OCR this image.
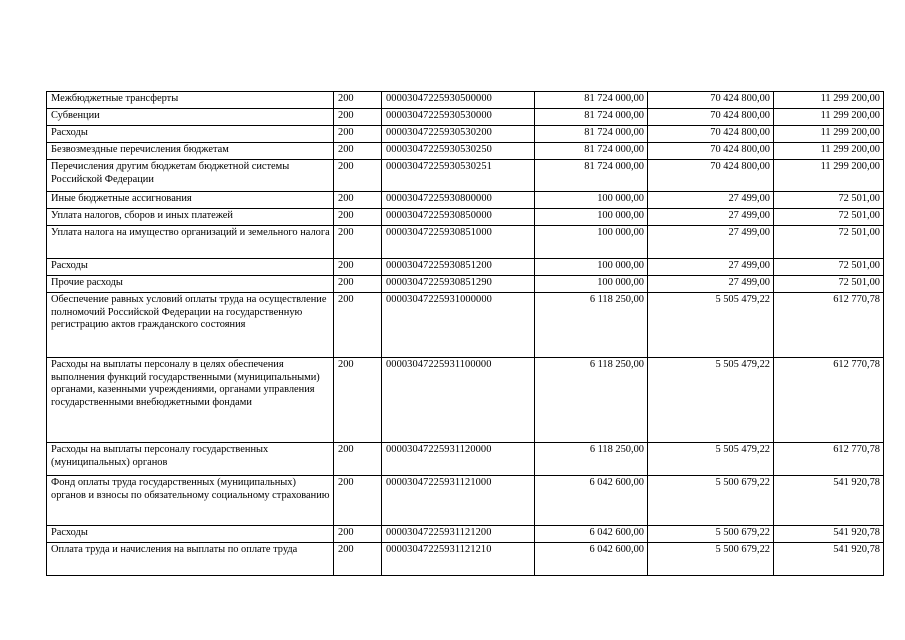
Межбюджетные трансферты	200	00003047225930500000	81 724 000,00	70 424 800,00	11 299 200,00
Субвенции	200	00003047225930530000	81 724 000,00	70 424 800,00	11 299 200,00
Расходы	200	00003047225930530200	81 724 000,00	70 424 800,00	11 299 200,00
Безвозмездные перечисления бюджетам	200	00003047225930530250	81 724 000,00	70 424 800,00	11 299 200,00
Перечисления другим бюджетам бюджетной системы Российской Федерации	200	00003047225930530251	81 724 000,00	70 424 800,00	11 299 200,00
Иные бюджетные ассигнования	200	00003047225930800000	100 000,00	27 499,00	72 501,00
Уплата налогов, сборов и иных платежей	200	00003047225930850000	100 000,00	27 499,00	72 501,00
Уплата налога на имущество организаций и земельного налога	200	00003047225930851000	100 000,00	27 499,00	72 501,00
Расходы	200	00003047225930851200	100 000,00	27 499,00	72 501,00
Прочие расходы	200	00003047225930851290	100 000,00	27 499,00	72 501,00
Обеспечение равных условий оплаты труда на осуществление полномочий Российской Федерации на государственную регистрацию актов гражданского состояния	200	00003047225931000000	6 118 250,00	5 505 479,22	612 770,78
Расходы на выплаты персоналу в целях обеспечения выполнения функций государственными (муниципальными) органами, казенными учреждениями, органами управления государственными внебюджетными фондами	200	00003047225931100000	6 118 250,00	5 505 479,22	612 770,78
Расходы на выплаты персоналу государственных (муниципальных) органов	200	00003047225931120000	6 118 250,00	5 505 479,22	612 770,78
Фонд оплаты труда государственных (муниципальных) органов и взносы по обязательному социальному страхованию	200	00003047225931121000	6 042 600,00	5 500 679,22	541 920,78
Расходы	200	00003047225931121200	6 042 600,00	5 500 679,22	541 920,78
Оплата труда и начисления на выплаты по оплате труда	200	00003047225931121210	6 042 600,00	5 500 679,22	541 920,78
